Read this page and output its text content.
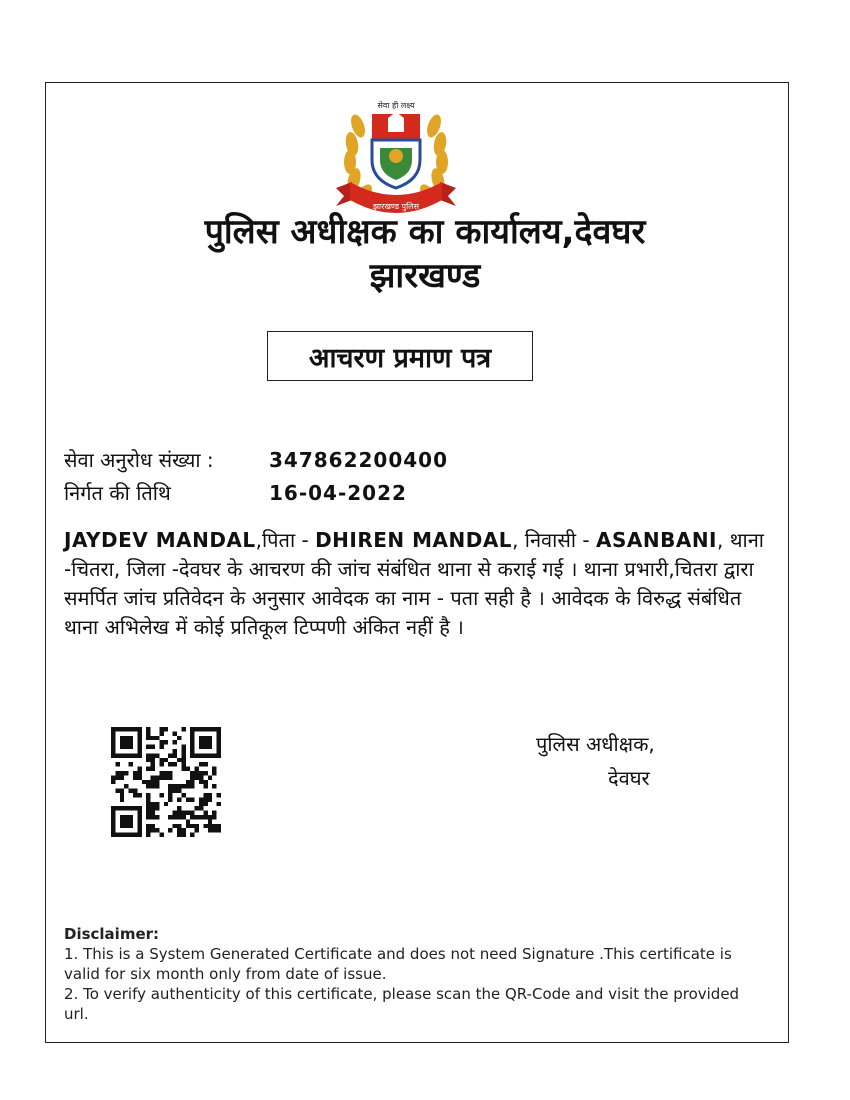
सेवा ही लक्ष्य
झारखण्ड पुलिस
पुलिस अधीक्षक का कार्यालय,देवघर
झारखण्ड
आचरण प्रमाण पत्र
सेवा अनुरोध संख्या :	347862200400
निर्गत की तिथि	16-04-2022
JAYDEV MANDAL,पिता - DHIREN MANDAL, निवासी - ASANBANI, थाना -चितरा, जिला -देवघर के आचरण की जांच संबंधित थाना से कराई गई । थाना प्रभारी,चितरा द्वारा समर्पित जांच प्रतिवेदन के अनुसार आवेदक का नाम - पता सही है । आवेदक के विरुद्ध संबंधित थाना अभिलेख में कोई प्रतिकूल टिप्पणी अंकित नहीं है ।
पुलिस अधीक्षक,
देवघर
Disclaimer:
1. This is a System Generated Certificate and does not need Signature .This certificate is valid for six month only from date of issue.
2. To verify authenticity of this certificate, please scan the QR-Code and visit the provided url.
